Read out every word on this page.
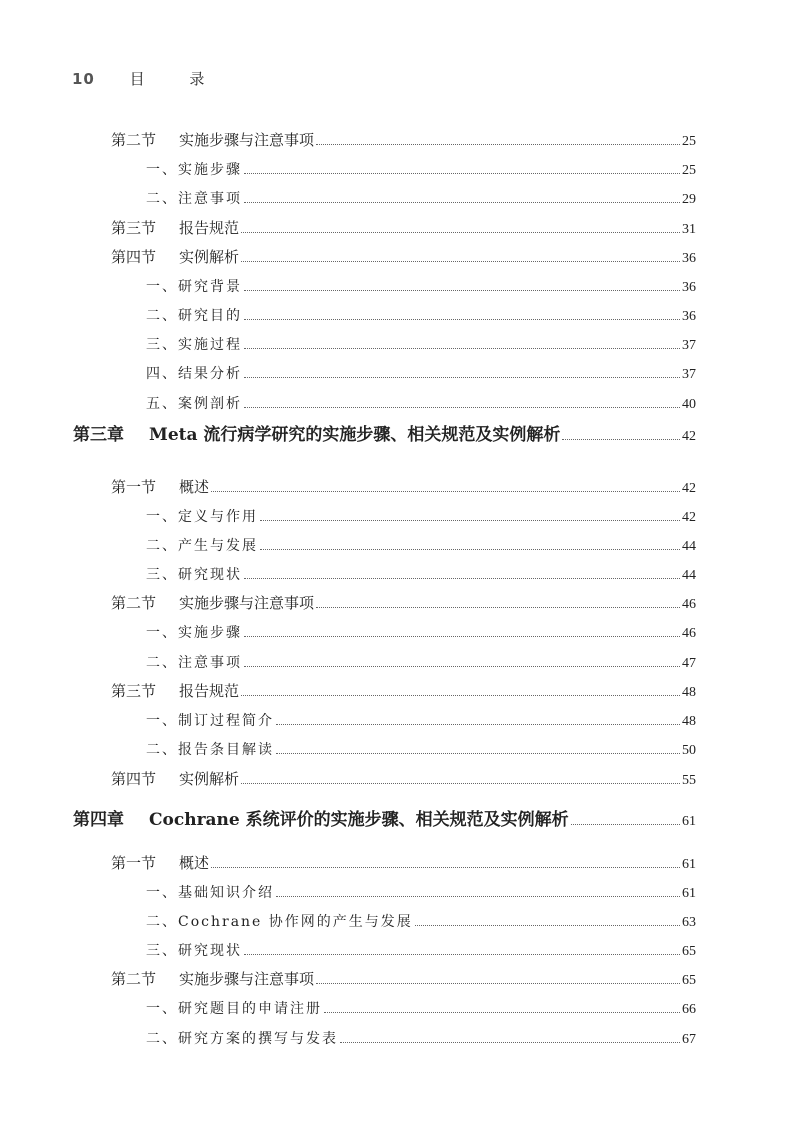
10 目 录
第二节 实施步骤与注意事项	25
一、实施步骤	25
二、注意事项	29
第三节 报告规范	31
第四节 实例解析	36
一、研究背景	36
二、研究目的	36
三、实施过程	37
四、结果分析	37
五、案例剖析	40
第三章 Meta 流行病学研究的实施步骤、相关规范及实例解析	42
第一节 概述	42
一、定义与作用	42
二、产生与发展	44
三、研究现状	44
第二节 实施步骤与注意事项	46
一、实施步骤	46
二、注意事项	47
第三节 报告规范	48
一、制订过程简介	48
二、报告条目解读	50
第四节 实例解析	55
第四章 Cochrane 系统评价的实施步骤、相关规范及实例解析	61
第一节 概述	61
一、基础知识介绍	61
二、Cochrane 协作网的产生与发展	63
三、研究现状	65
第二节 实施步骤与注意事项	65
一、研究题目的申请注册	66
二、研究方案的撰写与发表	67
